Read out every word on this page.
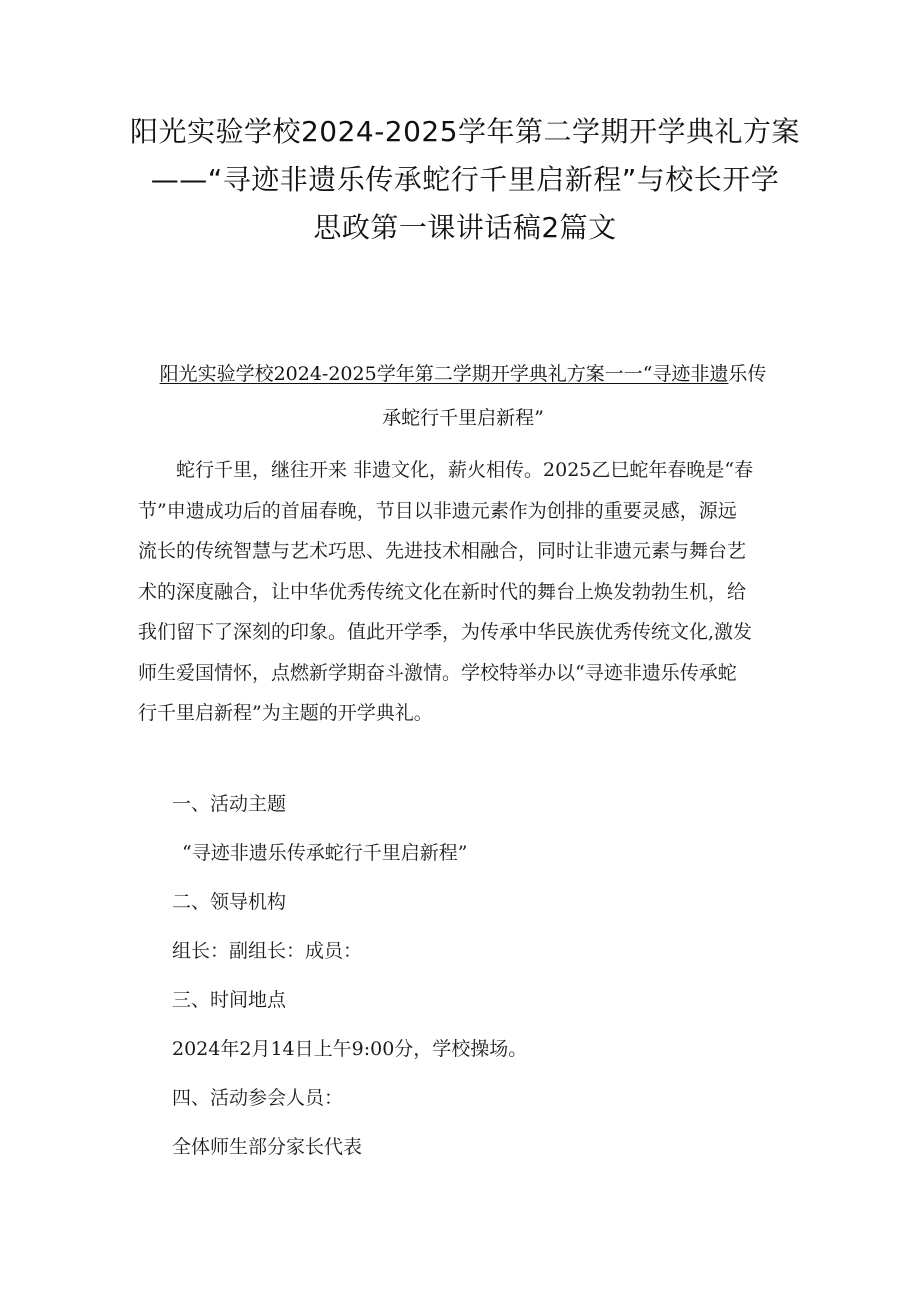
阳光实验学校2024-2025学年第二学期开学典礼方案
——“寻迹非遗乐传承蛇行千里启新程”与校长开学
思政第一课讲话稿2篇文
阳光实验学校2024-2025学年第二学期开学典礼方案一一“寻迹非遗乐传
承蛇行千里启新程”

蛇行千里，继往开来 非遗文化，薪火相传。2025乙巳蛇年春晚是“春
节”申遗成功后的首届春晚，节目以非遗元素作为创排的重要灵感，源远
流长的传统智慧与艺术巧思、先进技术相融合，同时让非遗元素与舞台艺
术的深度融合，让中华优秀传统文化在新时代的舞台上焕发勃勃生机，给
我们留下了深刻的印象。值此开学季，为传承中华民族优秀传统文化,激发
师生爱国情怀，点燃新学期奋斗激情。学校特举办以“寻迹非遗乐传承蛇
行千里启新程”为主题的开学典礼。

一、活动主题

“寻迹非遗乐传承蛇行千里启新程”

二、领导机构

组长：副组长：成员：

三、时间地点

2024年2月14日上午9:00分，学校操场。

四、活动参会人员：

全体师生部分家长代表
